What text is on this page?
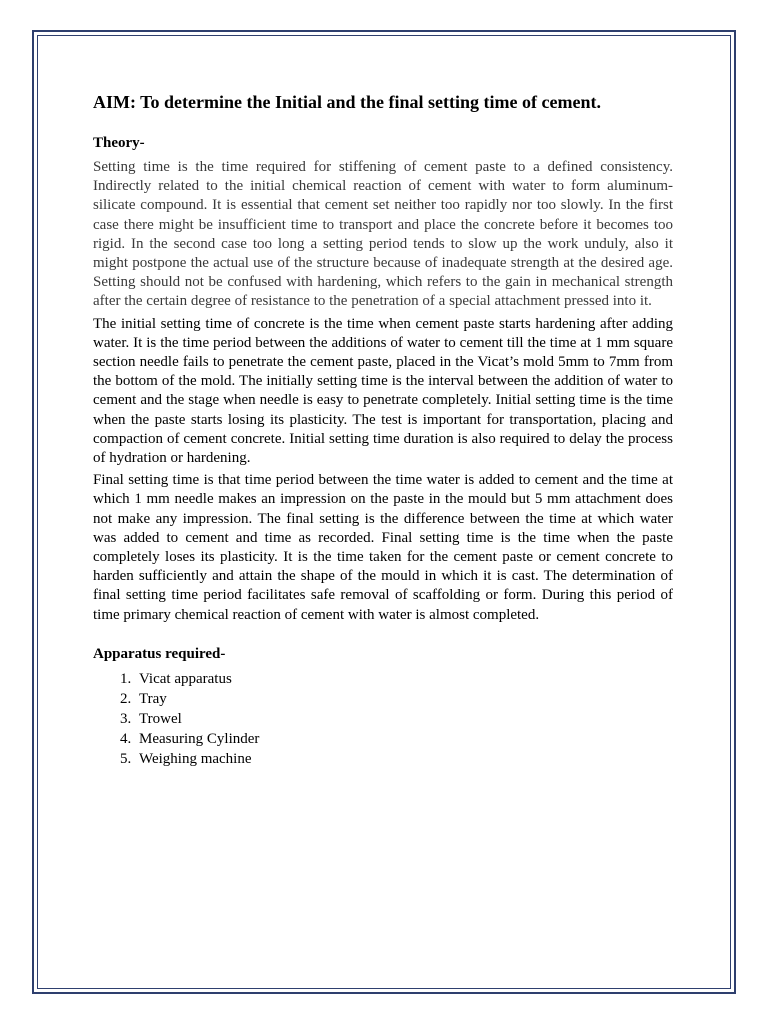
AIM: To determine the Initial and the final setting time of cement.
Theory-

Setting time is the time required for stiffening of cement paste to a defined consistency. Indirectly related to the initial chemical reaction of cement with water to form aluminum-silicate compound. It is essential that cement set neither too rapidly nor too slowly. In the first case there might be insufficient time to transport and place the concrete before it becomes too rigid. In the second case too long a setting period tends to slow up the work unduly, also it might postpone the actual use of the structure because of inadequate strength at the desired age. Setting should not be confused with hardening, which refers to the gain in mechanical strength after the certain degree of resistance to the penetration of a special attachment pressed into it.

The initial setting time of concrete is the time when cement paste starts hardening after adding water. It is the time period between the additions of water to cement till the time at 1 mm square section needle fails to penetrate the cement paste, placed in the Vicat’s mold 5mm to 7mm from the bottom of the mold. The initially setting time is the interval between the addition of water to cement and the stage when needle is easy to penetrate completely. Initial setting time is the time when the paste starts losing its plasticity. The test is important for transportation, placing and compaction of cement concrete. Initial setting time duration is also required to delay the process of hydration or hardening.

Final setting time is that time period between the time water is added to cement and the time at which 1 mm needle makes an impression on the paste in the mould but 5 mm attachment does not make any impression. The final setting is the difference between the time at which water was added to cement and time as recorded. Final setting time is the time when the paste completely loses its plasticity. It is the time taken for the cement paste or cement concrete to harden sufficiently and attain the shape of the mould in which it is cast. The determination of final setting time period facilitates safe removal of scaffolding or form. During this period of time primary chemical reaction of cement with water is almost completed.

Apparatus required-
1. Vicat apparatus
2. Tray
3. Trowel
4. Measuring Cylinder
5. Weighing machine
